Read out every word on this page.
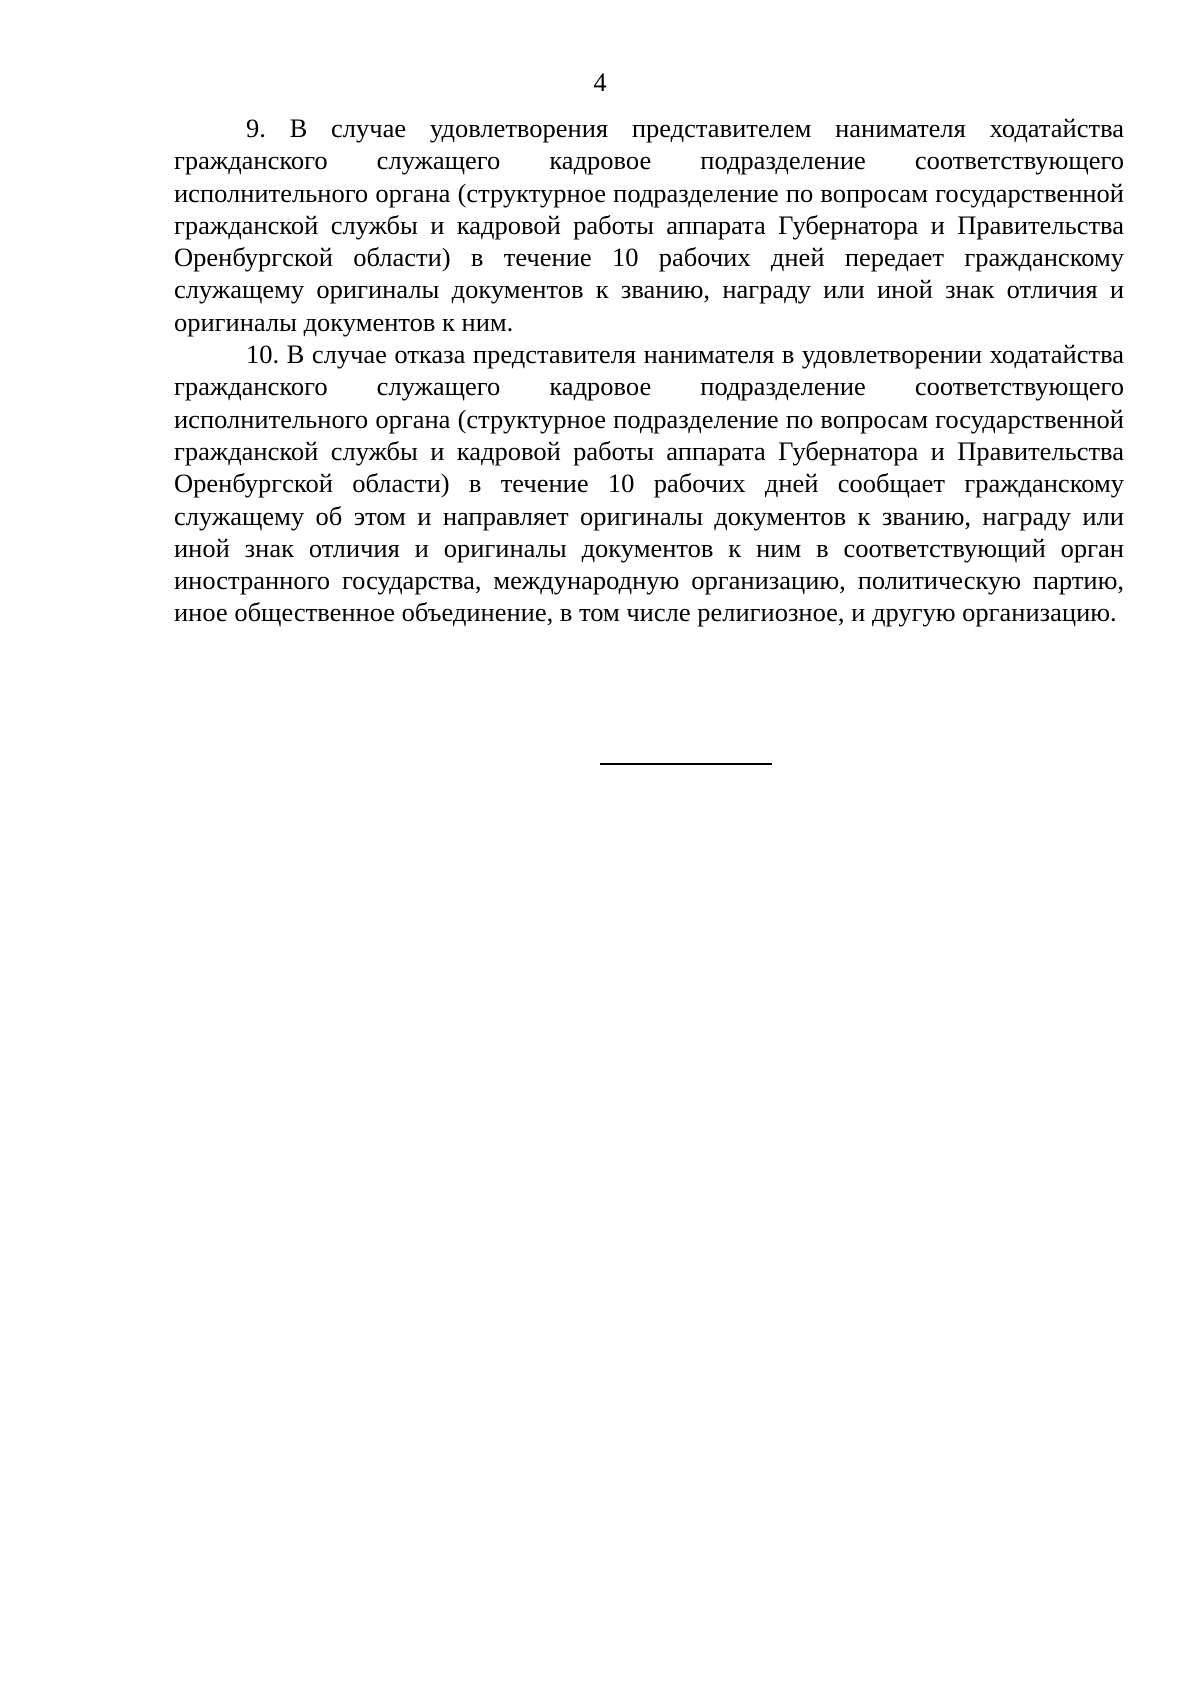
4

9. В случае удовлетворения представителем нанимателя ходатайства гражданского служащего кадровое подразделение соответствующего исполнительного органа (структурное подразделение по вопросам государственной гражданской службы и кадровой работы аппарата Губернатора и Правительства Оренбургской области) в течение 10 рабочих дней передает гражданскому служащему оригиналы документов к званию, награду или иной знак отличия и оригиналы документов к ним.

10. В случае отказа представителя нанимателя в удовлетворении ходатайства гражданского служащего кадровое подразделение соответствующего исполнительного органа (структурное подразделение по вопросам государственной гражданской службы и кадровой работы аппарата Губернатора и Правительства Оренбургской области) в течение 10 рабочих дней сообщает гражданскому служащему об этом и направляет оригиналы документов к званию, награду или иной знак отличия и оригиналы документов к ним в соответствующий орган иностранного государства, международную организацию, политическую партию, иное общественное объединение, в том числе религиозное, и другую организацию.
